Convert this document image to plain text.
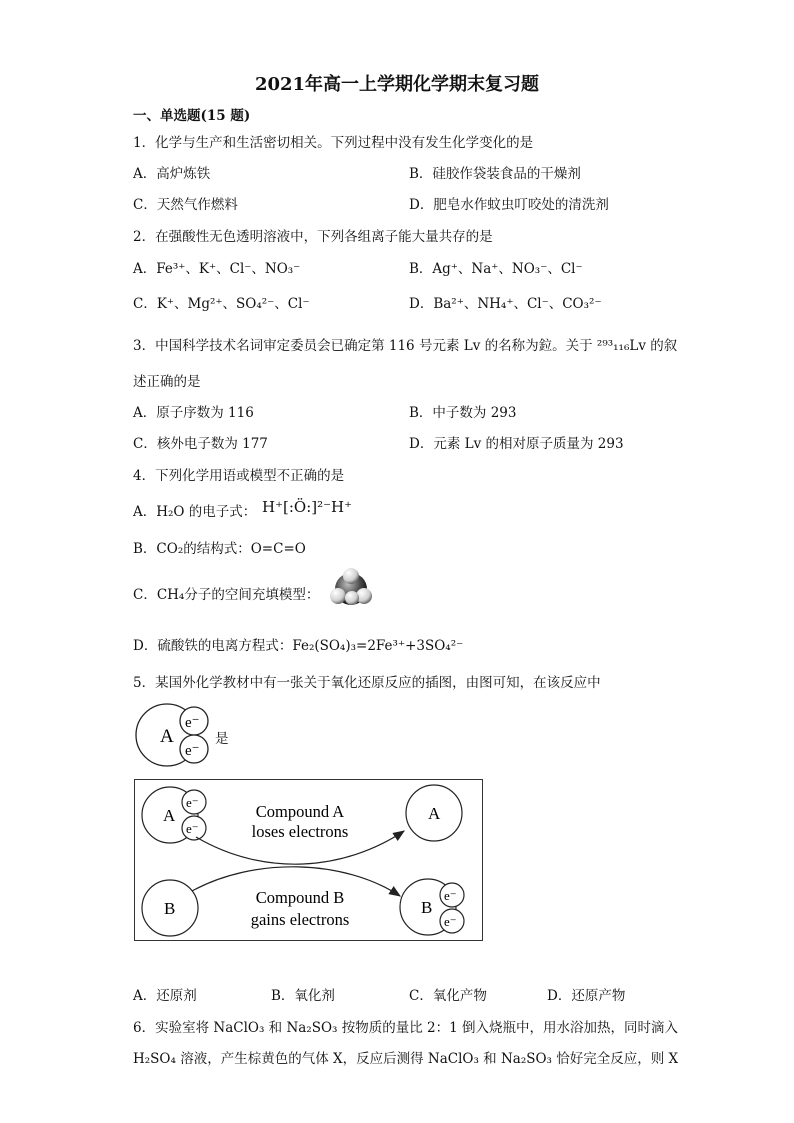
2021年高一上学期化学期末复习题
一、单选题(15 题)
1．化学与生产和生活密切相关。下列过程中没有发生化学变化的是
A．高炉炼铁	B．硅胶作袋装食品的干燥剂
C．天然气作燃料	D．肥皂水作蚊虫叮咬处的清洗剂
2．在强酸性无色透明溶液中，下列各组离子能大量共存的是
A．Fe³⁺、K⁺、Cl⁻、NO₃⁻	B．Ag⁺、Na⁺、NO₃⁻、Cl⁻
C．K⁺、Mg²⁺、SO₄²⁻、Cl⁻	D．Ba²⁺、NH₄⁺、Cl⁻、CO₃²⁻
3．中国科学技术名词审定委员会已确定第 116 号元素 Lv 的名称为鉝。关于 ²⁹³₁₁₆Lv 的叙
述正确的是
A．原子序数为 116	B．中子数为 293
C．核外电子数为 177	D．元素 Lv 的相对原子质量为 293
4．下列化学用语或模型不正确的是
A．H₂O 的电子式： H⁺[:Ö:]²⁻H⁺
B．CO₂的结构式：O=C=O
C．CH₄分子的空间充填模型：
D．硫酸铁的电离方程式：Fe₂(SO₄)₃=2Fe³⁺+3SO₄²⁻
5．某国外化学教材中有一张关于氧化还原反应的插图，由图可知，在该反应中
A
e⁻
e⁻
是
A
e⁻
e⁻
A
B	B
e⁻
e⁻
Compound A
loses electrons
Compound B
gains electrons
A．还原剂	B．氧化剂	C．氧化产物	D．还原产物
6．实验室将 NaClO₃ 和 Na₂SO₃ 按物质的量比 2：1 倒入烧瓶中，用水浴加热，同时滴入
H₂SO₄ 溶液，产生棕黄色的气体 X，反应后测得 NaClO₃ 和 Na₂SO₃ 恰好完全反应，则 X
